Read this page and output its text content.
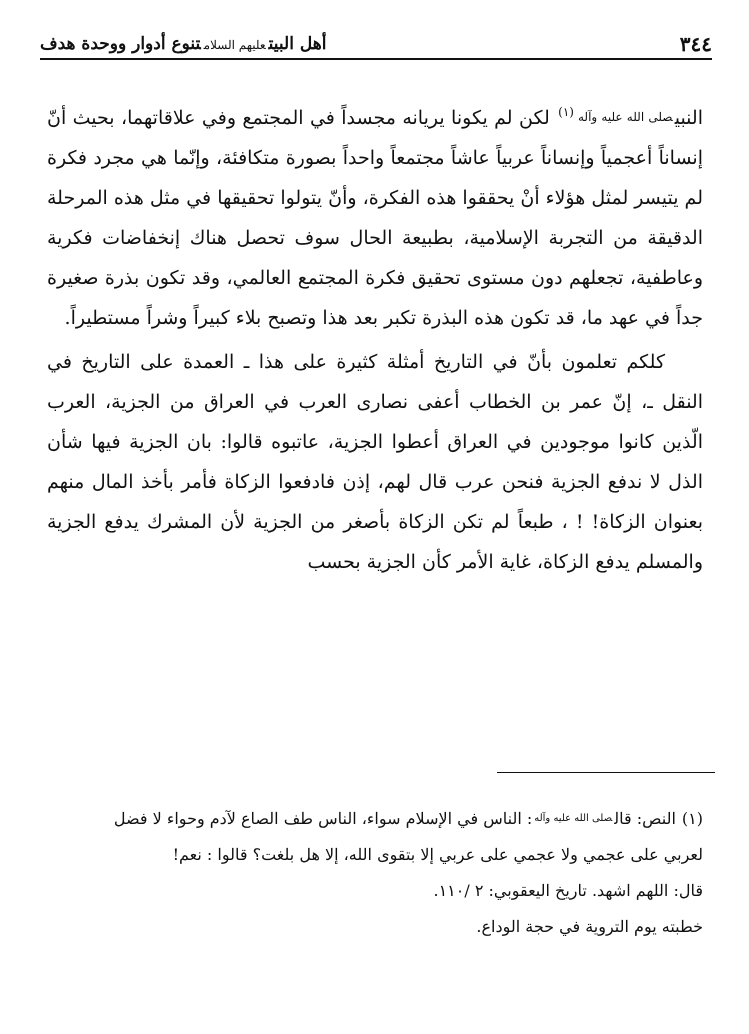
٣٤٤
أهل البيتعليهم السلامتنوع أدوار ووحدة هدف

النبيصلى الله عليه وآله$^{(١)}$ لكن لم يكونا يريانه مجسداً في المجتمع وفي علاقاتهما، بحيث أنّ إنساناً أعجمياً وإنساناً عربياً عاشاً مجتمعاً واحداً بصورة متكافئة، وإنّما هي مجرد فكرة لم يتيسر لمثل هؤلاء أنْ يحققوا هذه الفكرة، وأنّ يتولوا تحقيقها في مثل هذه المرحلة الدقيقة من التجربة الإسلامية، بطبيعة الحال سوف تحصل هناك إنخفاضات فكرية وعاطفية، تجعلهم دون مستوى تحقيق فكرة المجتمع العالمي، وقد تكون بذرة صغيرة جداً في عهد ما، قد تكون هذه البذرة تكبر بعد هذا وتصبح بلاء كبيراً وشراً مستطيراً.

كلكم تعلمون بأنّ في التاريخ أمثلة كثيرة على هذا ـ العمدة على التاريخ في النقل ـ، إنّ عمر بن الخطاب أعفى نصارى العرب في العراق من الجزية، العرب الّذين كانوا موجودين في العراق أعطوا الجزية، عاتبوه قالوا: بان الجزية فيها شأن الذل لا ندفع الجزية فنحن عرب قال لهم، إذن فادفعوا الزكاة فأمر بأخذ المال منهم بعنوان الزكاة! ! ، طبعاً لم تكن الزكاة بأصغر من الجزية لأن المشرك يدفع الجزية والمسلم يدفع الزكاة، غاية الأمر كأن الجزية بحسب

(١)النص: قالصلى الله عليه وآله: الناس في الإسلام سواء، الناس طف الصاع لآدم وحواء لا فضل

لعربي على عجمي ولا عجمي على عربي إلا بتقوى الله، إلا هل بلغت؟ قالوا : نعم!

قال: اللهم اشهد. تاريخ اليعقوبي: ٢ /١١٠.

خطبته يوم التروية في حجة الوداع.
